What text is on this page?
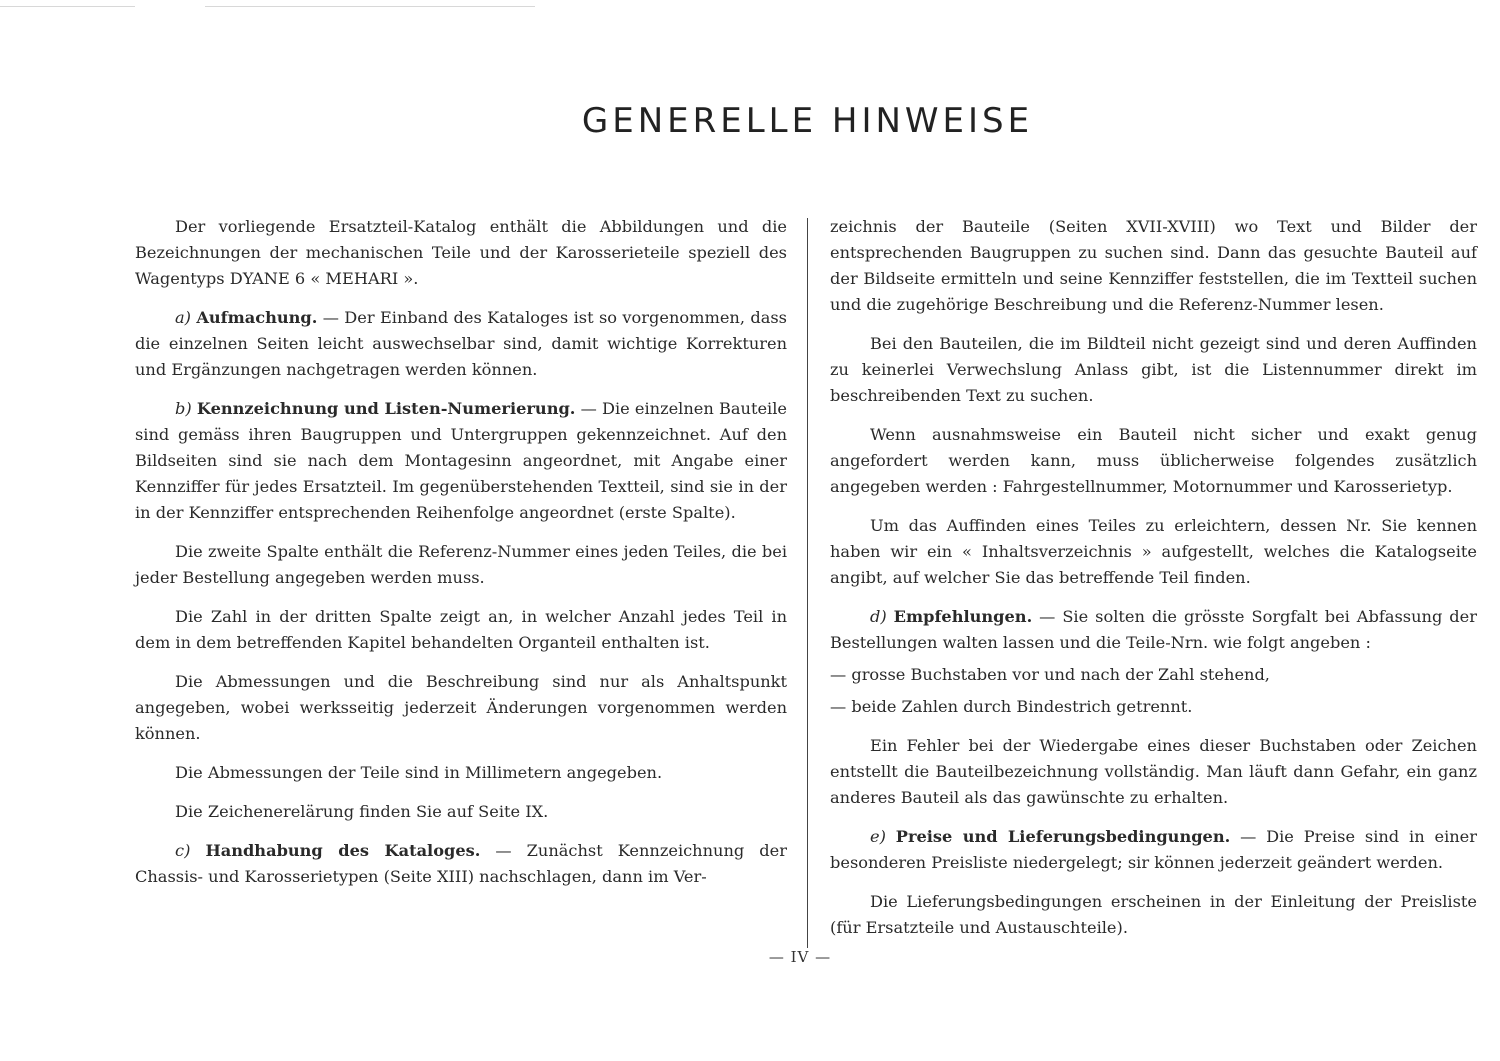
GENERELLE HINWEISE

Der vorliegende Ersatzteil-Katalog enthält die Abbildungen und die Bezeichnungen der mechanischen Teile und der Karosserieteile speziell des Wagentyps DYANE 6 « MEHARI ».

a) Aufmachung. — Der Einband des Kataloges ist so vorgenommen, dass die einzelnen Seiten leicht auswechselbar sind, damit wichtige Korrekturen und Ergänzungen nachgetragen werden können.

b) Kennzeichnung und Listen-Numerierung. — Die einzelnen Bauteile sind gemäss ihren Baugruppen und Untergruppen gekennzeichnet. Auf den Bildseiten sind sie nach dem Montagesinn angeordnet, mit Angabe einer Kennziffer für jedes Ersatzteil. Im gegenüberstehenden Textteil, sind sie in der in der Kennziffer entsprechenden Reihenfolge angeordnet (erste Spalte).

Die zweite Spalte enthält die Referenz-Nummer eines jeden Teiles, die bei jeder Bestellung angegeben werden muss.

Die Zahl in der dritten Spalte zeigt an, in welcher Anzahl jedes Teil in dem in dem betreffenden Kapitel behandelten Organteil enthalten ist.

Die Abmessungen und die Beschreibung sind nur als Anhaltspunkt angegeben, wobei werksseitig jederzeit Änderungen vorgenommen werden können.

Die Abmessungen der Teile sind in Millimetern angegeben.

Die Zeichenerelärung finden Sie auf Seite IX.

c) Handhabung des Kataloges. — Zunächst Kennzeichnung der Chassis- und Karosserietypen (Seite XIII) nachschlagen, dann im Ver-

zeichnis der Bauteile (Seiten XVII-XVIII) wo Text und Bilder der entsprechenden Baugruppen zu suchen sind. Dann das gesuchte Bauteil auf der Bildseite ermitteln und seine Kennziffer feststellen, die im Textteil suchen und die zugehörige Beschreibung und die Referenz-Nummer lesen.

Bei den Bauteilen, die im Bildteil nicht gezeigt sind und deren Auffinden zu keinerlei Verwechslung Anlass gibt, ist die Listennummer direkt im beschreibenden Text zu suchen.

Wenn ausnahmsweise ein Bauteil nicht sicher und exakt genug angefordert werden kann, muss üblicherweise folgendes zusätzlich angegeben werden : Fahrgestellnummer, Motornummer und Karosserietyp.

Um das Auffinden eines Teiles zu erleichtern, dessen Nr. Sie kennen haben wir ein « Inhaltsverzeichnis » aufgestellt, welches die Katalogseite angibt, auf welcher Sie das betreffende Teil finden.

d) Empfehlungen. — Sie solten die grösste Sorgfalt bei Abfassung der Bestellungen walten lassen und die Teile-Nrn. wie folgt angeben :

— grosse Buchstaben vor und nach der Zahl stehend,

— beide Zahlen durch Bindestrich getrennt.

Ein Fehler bei der Wiedergabe eines dieser Buchstaben oder Zeichen entstellt die Bauteilbezeichnung vollständig. Man läuft dann Gefahr, ein ganz anderes Bauteil als das gawünschte zu erhalten.

e) Preise und Lieferungsbedingungen. — Die Preise sind in einer besonderen Preisliste niedergelegt; sir können jederzeit geändert werden.

Die Lieferungsbedingungen erscheinen in der Einleitung der Preisliste (für Ersatzteile und Austauschteile).

— IV —
